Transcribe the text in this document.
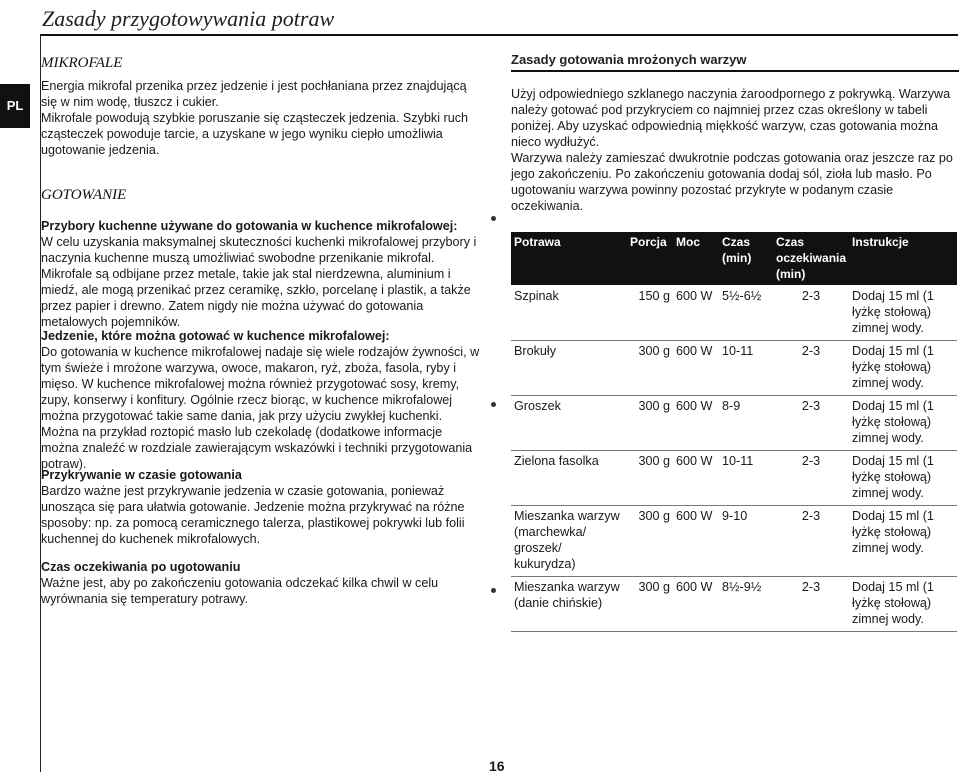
Zasady przygotowywania potraw
PL
MIKROFALE

Energia mikrofal przenika przez jedzenie i jest pochłaniana przez znajdującą się w nim wodę, tłuszcz i cukier.

Mikrofale powodują szybkie poruszanie się cząsteczek jedzenia. Szybki ruch cząsteczek powoduje tarcie, a uzyskane w jego wyniku ciepło umożliwia ugotowanie jedzenia.

GOTOWANIE

Przybory kuchenne używane do gotowania w kuchence mikrofalowej:

W celu uzyskania maksymalnej skuteczności kuchenki mikrofalowej przybory i naczynia kuchenne muszą umożliwiać swobodne przenikanie mikrofal. Mikrofale są odbijane przez metale, takie jak stal nierdzewna, aluminium i miedź, ale mogą przenikać przez ceramikę, szkło, porcelanę i plastik, a także przez papier i drewno. Zatem nigdy nie można używać do gotowania metalowych pojemników.

Jedzenie, które można gotować w kuchence mikrofalowej:

Do gotowania w kuchence mikrofalowej nadaje się wiele rodzajów żywności, w tym świeże i mrożone warzywa, owoce, makaron, ryż, zboża, fasola, ryby i mięso. W kuchence mikrofalowej można również przygotować sosy, kremy, zupy, konserwy i konfitury. Ogólnie rzecz biorąc, w kuchence mikrofalowej można przygotować takie same dania, jak przy użyciu zwykłej kuchenki. Można na przykład roztopić masło lub czekoladę (dodatkowe informacje można znaleźć w rozdziale zawierającym wskazówki i techniki przygotowania potraw).

Przykrywanie w czasie gotowania

Bardzo ważne jest przykrywanie jedzenia w czasie gotowania, ponieważ unosząca się para ułatwia gotowanie. Jedzenie można przykrywać na różne sposoby: np. za pomocą ceramicznego talerza, plastikowej pokrywki lub folii kuchennej do kuchenek mikrofalowych.

Czas oczekiwania po ugotowaniu

Ważne jest, aby po zakończeniu gotowania odczekać kilka chwil w celu wyrównania się temperatury potrawy.

Zasady gotowania mrożonych warzyw

Użyj odpowiedniego szklanego naczynia żaroodpornego z pokrywką. Warzywa należy gotować pod przykryciem co najmniej przez czas określony w tabeli poniżej. Aby uzyskać odpowiednią miękkość warzyw, czas gotowania można nieco wydłużyć.

Warzywa należy zamieszać dwukrotnie podczas gotowania oraz jeszcze raz po jego zakończeniu. Po zakończeniu gotowania dodaj sól, zioła lub masło. Po ugotowaniu warzywa powinny pozostać przykryte w podanym czasie oczekiwania.

Potrawa	Porcja	Moc	Czas (min)	Czas oczekiwania (min)	Instrukcje
Szpinak	150 g	600 W	5½-6½	2-3	Dodaj 15 ml (1 łyżkę stołową) zimnej wody.
Brokuły	300 g	600 W	10-11	2-3	Dodaj 15 ml (1 łyżkę stołową) zimnej wody.
Groszek	300 g	600 W	8-9	2-3	Dodaj 15 ml (1 łyżkę stołową) zimnej wody.
Zielona fasolka	300 g	600 W	10-11	2-3	Dodaj 15 ml (1 łyżkę stołową) zimnej wody.
Mieszanka warzyw (marchewka/ groszek/ kukurydza)	300 g	600 W	9-10	2-3	Dodaj 15 ml (1 łyżkę stołową) zimnej wody.
Mieszanka warzyw (danie chińskie)	300 g	600 W	8½-9½	2-3	Dodaj 15 ml (1 łyżkę stołową) zimnej wody.
16
